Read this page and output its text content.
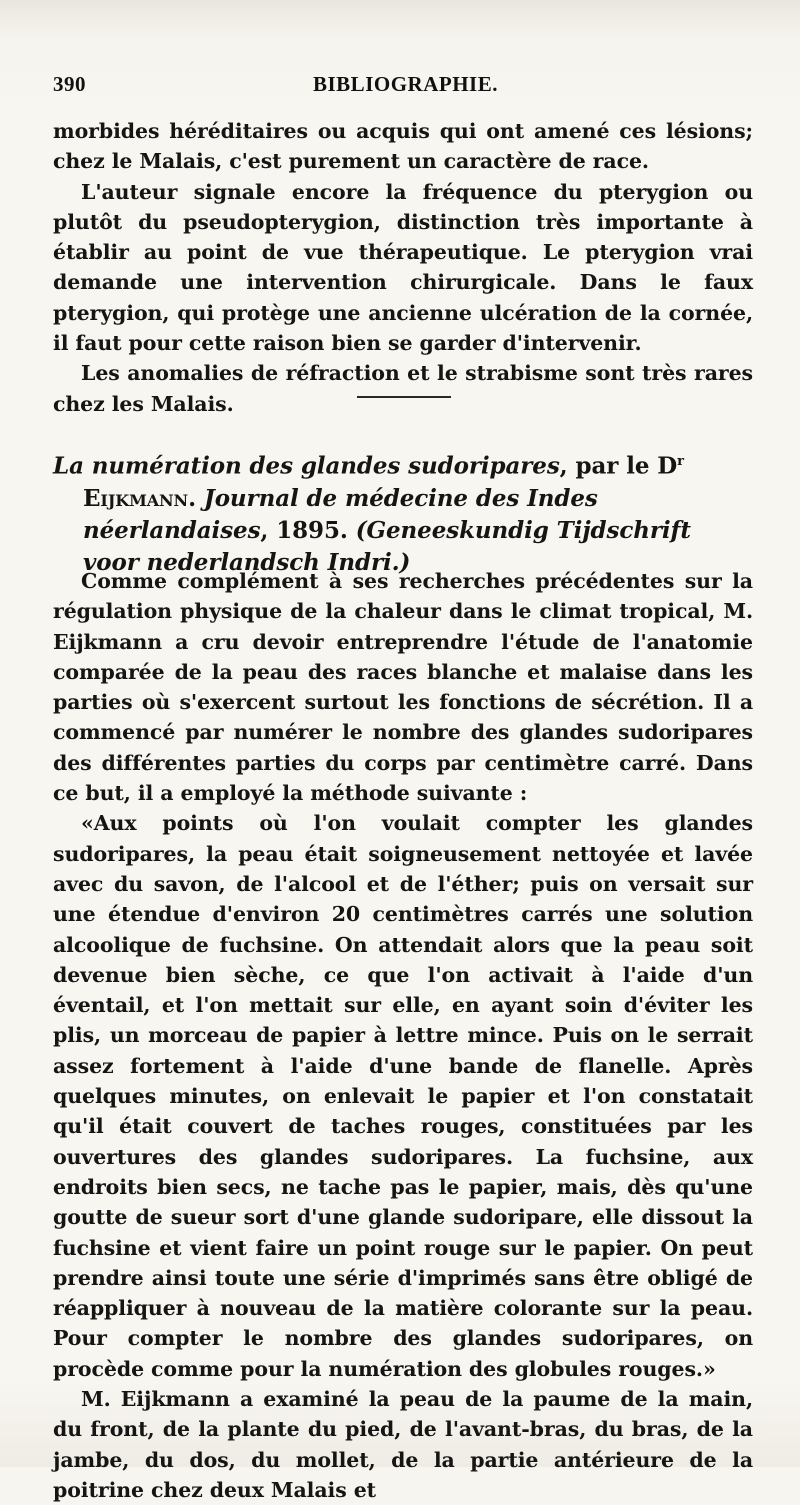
390	BIBLIOGRAPHIE.

morbides héréditaires ou acquis qui ont amené ces lésions; chez le Malais, c'est purement un caractère de race.

L'auteur signale encore la fréquence du pterygion ou plutôt du pseudopterygion, distinction très importante à établir au point de vue thérapeutique. Le pterygion vrai demande une intervention chirurgicale. Dans le faux pterygion, qui protège une ancienne ulcération de la cornée, il faut pour cette raison bien se garder d'intervenir.

Les anomalies de réfraction et le strabisme sont très rares chez les Malais.

La numération des glandes sudoripares, par le $D^r$ Eijkmann. Journal de médecine des Indes néerlandaises, 1895. (Geneeskundig Tijdschrift voor nederlandsch Indri.)

Comme complément à ses recherches précédentes sur la régulation physique de la chaleur dans le climat tropical, M. Eijkmann a cru devoir entreprendre l'étude de l'anatomie comparée de la peau des races blanche et malaise dans les parties où s'exercent surtout les fonctions de sécrétion. Il a commencé par numérer le nombre des glandes sudoripares des différentes parties du corps par centimètre carré. Dans ce but, il a employé la méthode suivante :

«Aux points où l'on voulait compter les glandes sudoripares, la peau était soigneusement nettoyée et lavée avec du savon, de l'alcool et de l'éther; puis on versait sur une étendue d'environ 20 centimètres carrés une solution alcoolique de fuchsine. On attendait alors que la peau soit devenue bien sèche, ce que l'on activait à l'aide d'un éventail, et l'on mettait sur elle, en ayant soin d'éviter les plis, un morceau de papier à lettre mince. Puis on le serrait assez fortement à l'aide d'une bande de flanelle. Après quelques minutes, on enlevait le papier et l'on constatait qu'il était couvert de taches rouges, constituées par les ouvertures des glandes sudoripares. La fuchsine, aux endroits bien secs, ne tache pas le papier, mais, dès qu'une goutte de sueur sort d'une glande sudoripare, elle dissout la fuchsine et vient faire un point rouge sur le papier. On peut prendre ainsi toute une série d'imprimés sans être obligé de réappliquer à nouveau de la matière colorante sur la peau. Pour compter le nombre des glandes sudoripares, on procède comme pour la numération des globules rouges.»

M. Eijkmann a examiné la peau de la paume de la main, du front, de la plante du pied, de l'avant-bras, du bras, de la jambe, du dos, du mollet, de la partie antérieure de la poitrine chez deux Malais et
